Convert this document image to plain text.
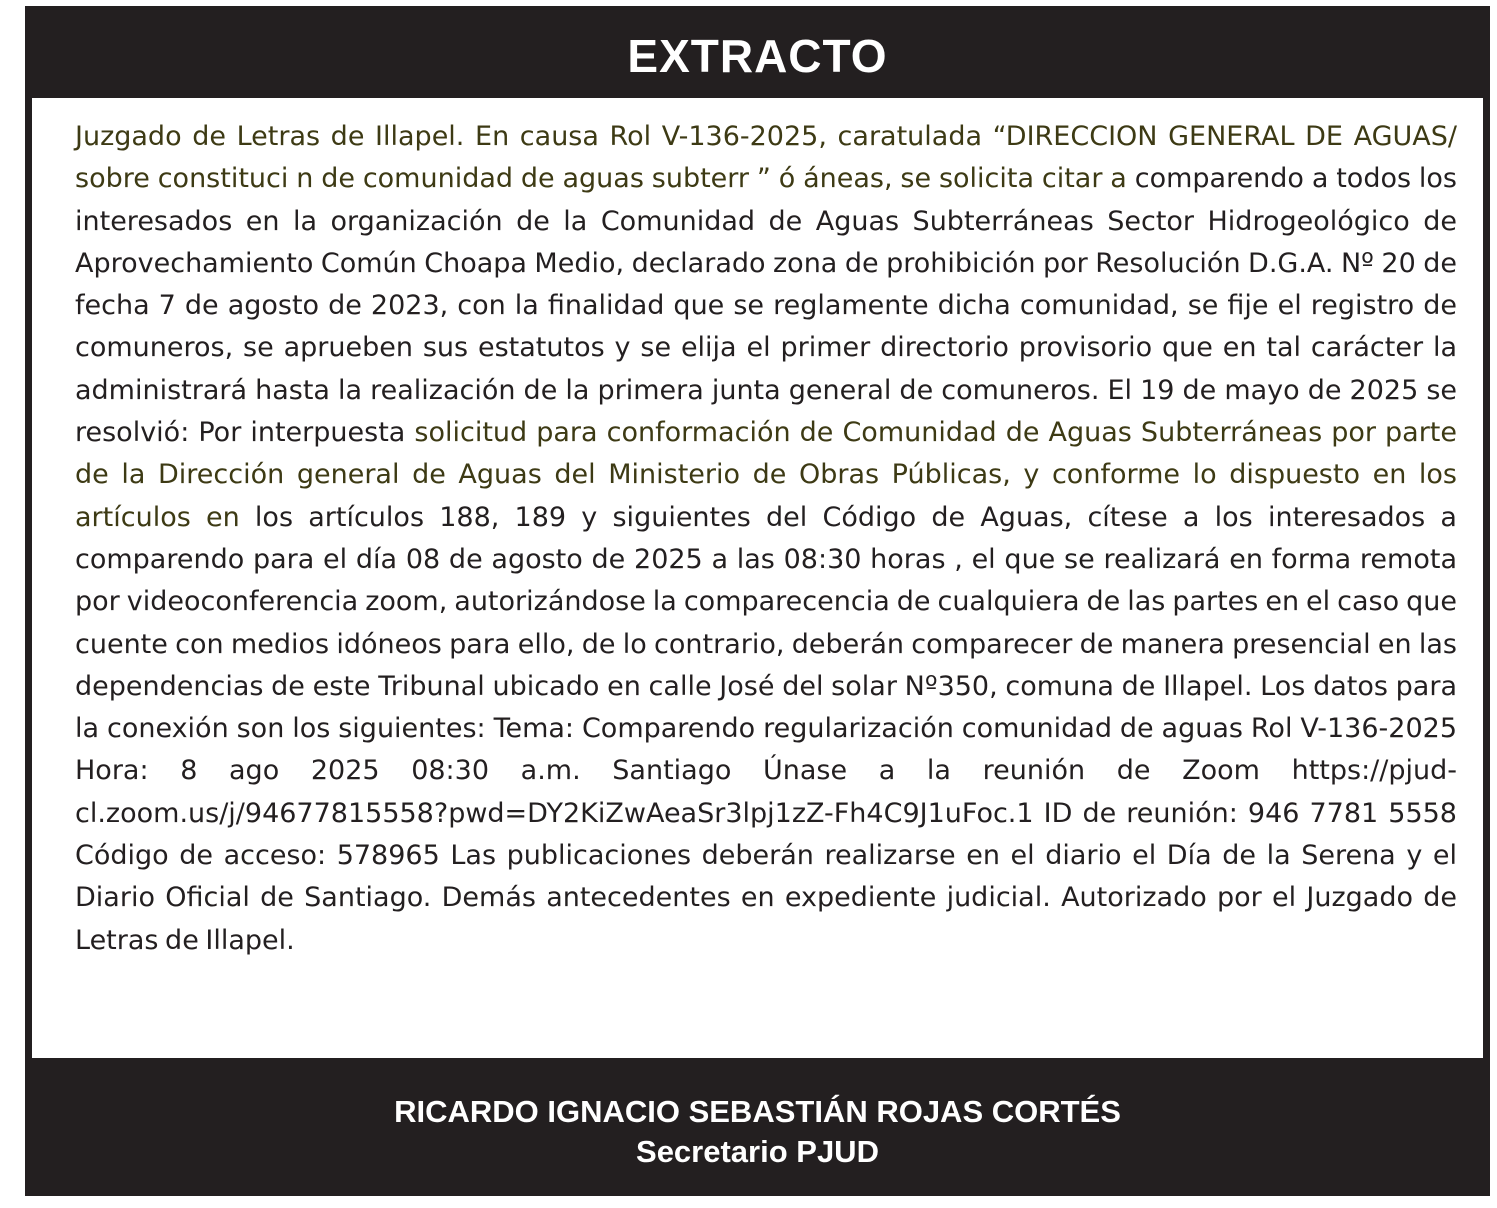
EXTRACTO

Juzgado de Letras de Illapel. En causa Rol V-136-2025, caratulada “DIRECCION GENERAL DE AGUAS/ sobre constituci n de comunidad de aguas subterr ” ó áneas, se solicita citar a comparendo a todos los interesados en la organización de la Comunidad de Aguas Subterráneas Sector Hidrogeológico de Aprovechamiento Común Choapa Medio, declarado zona de prohibición por Resolución D.G.A. Nº 20 de fecha 7 de agosto de 2023, con la finalidad que se reglamente dicha comunidad, se fije el registro de comuneros, se aprueben sus estatutos y se elija el primer directorio provisorio que en tal carácter la administrará hasta la realización de la primera junta general de comuneros. El 19 de mayo de 2025 se resolvió: Por interpuesta solicitud para conformación de Comunidad de Aguas Subterráneas por parte de la Dirección general de Aguas del Ministerio de Obras Públicas, y conforme lo dispuesto en los artículos en los artículos 188, 189 y siguientes del Código de Aguas, cítese a los interesados a comparendo para el día 08 de agosto de 2025 a las 08:30 horas , el que se realizará en forma remota por videoconferencia zoom, autorizándose la comparecencia de cualquiera de las partes en el caso que cuente con medios idóneos para ello, de lo contrario, deberán comparecer de manera presencial en las dependencias de este Tribunal ubicado en calle José del solar Nº350, comuna de Illapel. Los datos para la conexión son los siguientes: Tema: Comparendo regularización comunidad de aguas Rol V-136-2025 Hora: 8 ago 2025 08:30 a.m. Santiago Únase a la reunión de Zoom https://pjud-cl.zoom.us/j/94677815558?pwd=DY2KiZwAeaSr3lpj1zZ-Fh4C9J1uFoc.1 ID de reunión: 946 7781 5558 Código de acceso: 578965 Las publicaciones deberán realizarse en el diario el Día de la Serena y el Diario Oficial de Santiago. Demás antecedentes en expediente judicial. Autorizado por el Juzgado de Letras de Illapel.

RICARDO IGNACIO SEBASTIÁN ROJAS CORTÉS
Secretario PJUD
